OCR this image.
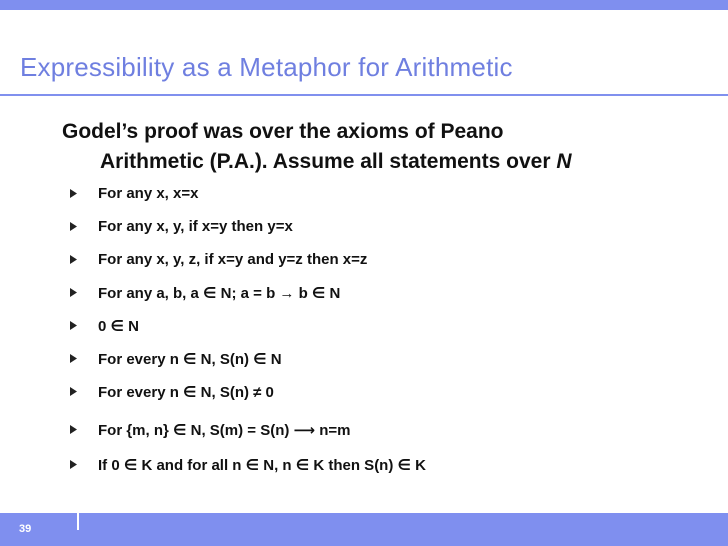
Expressibility as a Metaphor for Arithmetic
Godel’s proof was over the axioms of Peano
Arithmetic (P.A.). Assume all statements over N
For any x, x=x
For any x, y, if x=y then y=x
For any x, y, z, if x=y and y=z then x=z
For any a, b, a ∈ N; a = b → b ∈ N
0 ∈ N
For every n ∈ N, S(n) ∈ N
For every n ∈ N, S(n) ≠ 0
For {m, n} ∈ N, S(m) = S(n) ⟶ n=m
If 0 ∈ K and for all n ∈ N, n ∈ K then S(n) ∈ K
39
